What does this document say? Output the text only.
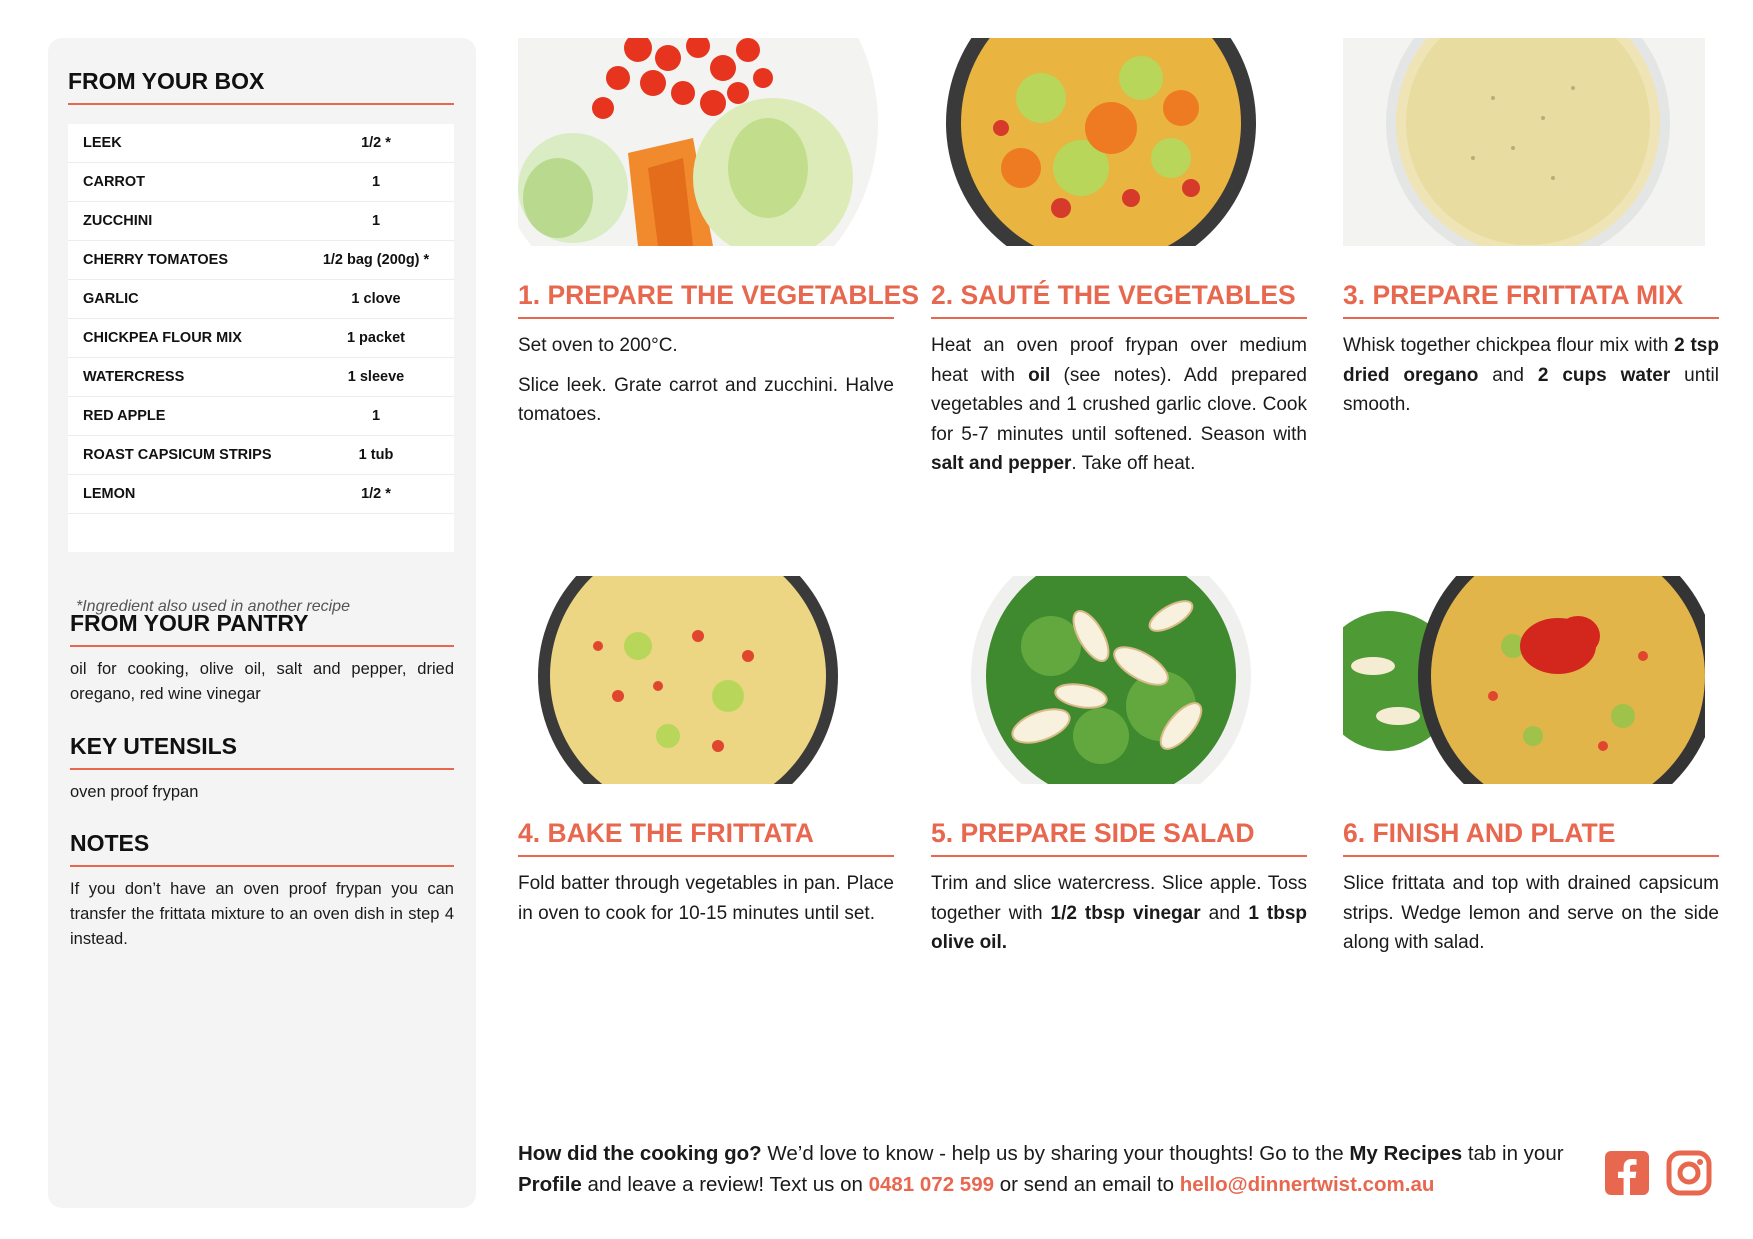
FROM YOUR BOX
LEEK	1/2 *
CARROT	1
ZUCCHINI	1
CHERRY TOMATOES	1/2 bag (200g) *
GARLIC	1 clove
CHICKPEA FLOUR MIX	1 packet
WATERCRESS	1 sleeve
RED APPLE	1
ROAST CAPSICUM STRIPS	1 tub
LEMON	1/2 *
*Ingredient also used in another recipe
FROM YOUR PANTRY
oil for cooking, olive oil, salt and pepper, dried oregano, red wine vinegar
KEY UTENSILS
oven proof frypan
NOTES
If you don’t have an oven proof frypan you can transfer the frittata mixture to an oven dish in step 4 instead.
1. PREPARE THE VEGETABLES

Set oven to 200°C.

Slice leek. Grate carrot and zucchini. Halve tomatoes.

2. SAUTÉ THE VEGETABLES
Heat an oven proof frypan over medium heat with oil (see notes). Add prepared vegetables and 1 crushed garlic clove. Cook for 5-7 minutes until softened. Season with salt and pepper. Take off heat.
3. PREPARE FRITTATA MIX
Whisk together chickpea flour mix with 2 tsp dried oregano and 2 cups water until smooth.
4. BAKE THE FRITTATA
Fold batter through vegetables in pan. Place in oven to cook for 10-15 minutes until set.
5. PREPARE SIDE SALAD
Trim and slice watercress. Slice apple. Toss together with 1/2 tbsp vinegar and 1 tbsp olive oil.
6. FINISH AND PLATE
Slice frittata and top with drained capsicum strips. Wedge lemon and serve on the side along with salad.
How did the cooking go? We’d love to know - help us by sharing your thoughts! Go to the My Recipes tab in your Profile and leave a review! Text us on 0481 072 599 or send an email to hello@dinnertwist.com.au
